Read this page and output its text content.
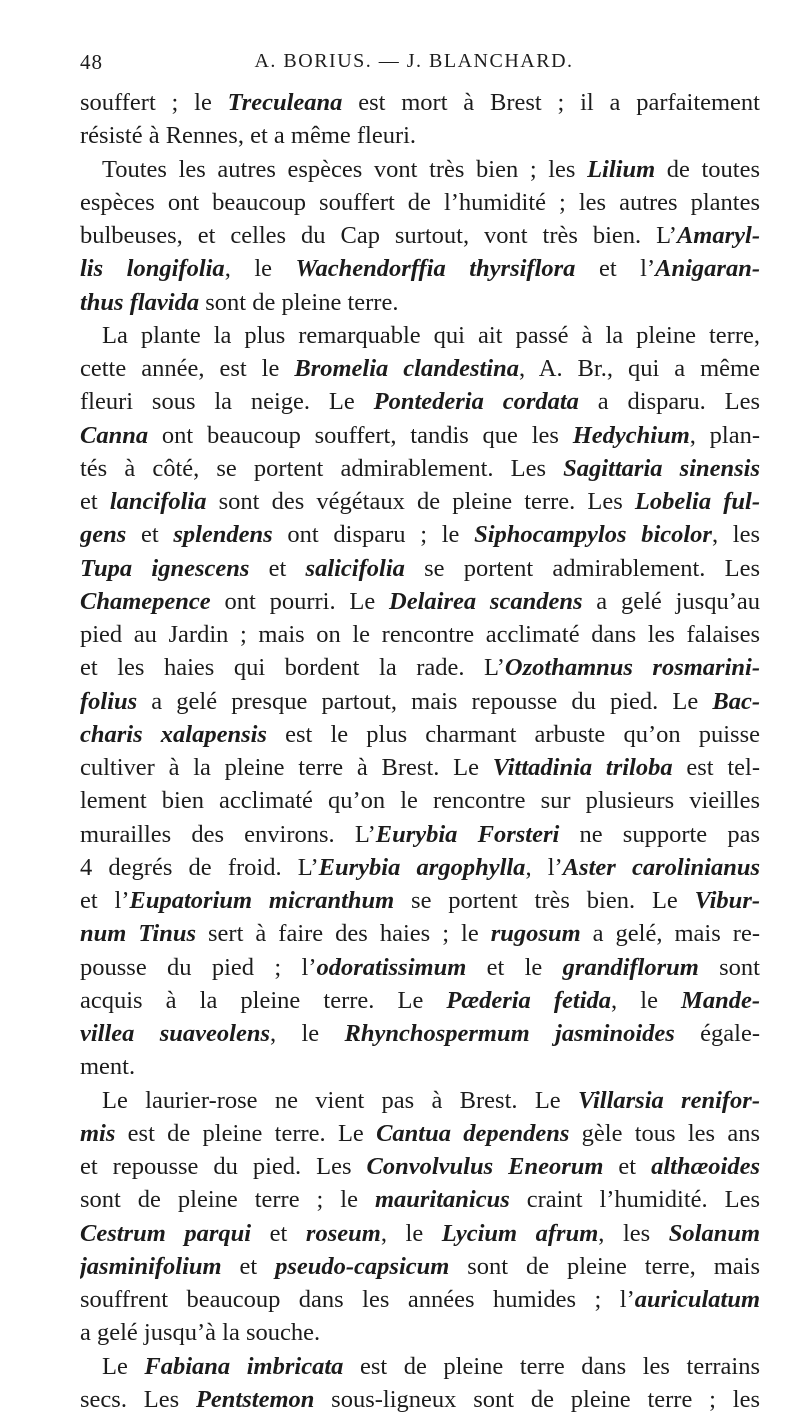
48	A. BORIUS. — J. BLANCHARD.
souffert ; le Treculeana est mort à Brest ; il a parfaitement
résisté à Rennes, et a même fleuri.
Toutes les autres espèces vont très bien ; les Lilium de toutes
espèces ont beaucoup souffert de l’humidité ; les autres plantes
bulbeuses, et celles du Cap surtout, vont très bien. L’Amaryl-
lis longifolia, le Wachendorffia thyrsiflora et l’Anigaran-
thus flavida sont de pleine terre.
La plante la plus remarquable qui ait passé à la pleine terre,
cette année, est le Bromelia clandestina, A. Br., qui a même
fleuri sous la neige. Le Pontederia cordata a disparu. Les
Canna ont beaucoup souffert, tandis que les Hedychium, plan-
tés à côté, se portent admirablement. Les Sagittaria sinensis
et lancifolia sont des végétaux de pleine terre. Les Lobelia ful-
gens et splendens ont disparu ; le Siphocampylos bicolor, les
Tupa ignescens et salicifolia se portent admirablement. Les
Chamepence ont pourri. Le Delairea scandens a gelé jusqu’au
pied au Jardin ; mais on le rencontre acclimaté dans les falaises
et les haies qui bordent la rade. L’Ozothamnus rosmarini-
folius a gelé presque partout, mais repousse du pied. Le Bac-
charis xalapensis est le plus charmant arbuste qu’on puisse
cultiver à la pleine terre à Brest. Le Vittadinia triloba est tel-
lement bien acclimaté qu’on le rencontre sur plusieurs vieilles
murailles des environs. L’Eurybia Forsteri ne supporte pas
4 degrés de froid. L’Eurybia argophylla, l’Aster carolinianus
et l’Eupatorium micranthum se portent très bien. Le Vibur-
num Tinus sert à faire des haies ; le rugosum a gelé, mais re-
pousse du pied ; l’odoratissimum et le grandiflorum sont
acquis à la pleine terre. Le Pæderia fetida, le Mande-
villea suaveolens, le Rhynchospermum jasminoides égale-
ment.
Le laurier-rose ne vient pas à Brest. Le Villarsia renifor-
mis est de pleine terre. Le Cantua dependens gèle tous les ans
et repousse du pied. Les Convolvulus Eneorum et althæoides
sont de pleine terre ; le mauritanicus craint l’humidité. Les
Cestrum parqui et roseum, le Lycium afrum, les Solanum
jasminifolium et pseudo-capsicum sont de pleine terre, mais
souffrent beaucoup dans les années humides ; l’auriculatum
a gelé jusqu’à la souche.
Le Fabiana imbricata est de pleine terre dans les terrains
secs. Les Pentstemon sous-ligneux sont de pleine terre ; les
